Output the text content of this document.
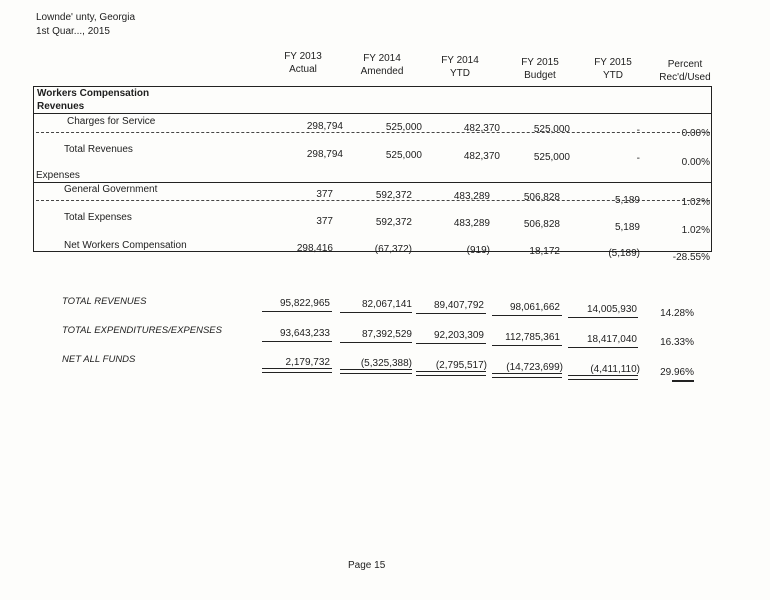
Lownde' unty, Georgia
1st Quar..., 2015
FY 2013
Actual
FY 2014
Amended
FY 2014
YTD
FY 2015
Budget
FY 2015
YTD
Percent
Rec'd/Used
Workers Compensation
Revenues
Charges for Service	298,794	525,000	482,370	525,000	-	0.00%
Total Revenues	298,794	525,000	482,370	525,000	-	0.00%
Expenses
General Government	377	592,372	483,289	506,828	5,189	1.02%
Total Expenses	377	592,372	483,289	506,828	5,189	1.02%
Net Workers Compensation	298,416	(67,372)	(919)	18,172	(5,189)	-28.55%
TOTAL REVENUES	95,822,965	82,067,141	89,407,792	98,061,662	14,005,930	14.28%
TOTAL EXPENDITURES/EXPENSES	93,643,233	87,392,529	92,203,309	112,785,361	18,417,040	16.33%
NET ALL FUNDS	2,179,732	(5,325,388)	(2,795,517)	(14,723,699)	(4,411,110)	29.96%
Page 15
